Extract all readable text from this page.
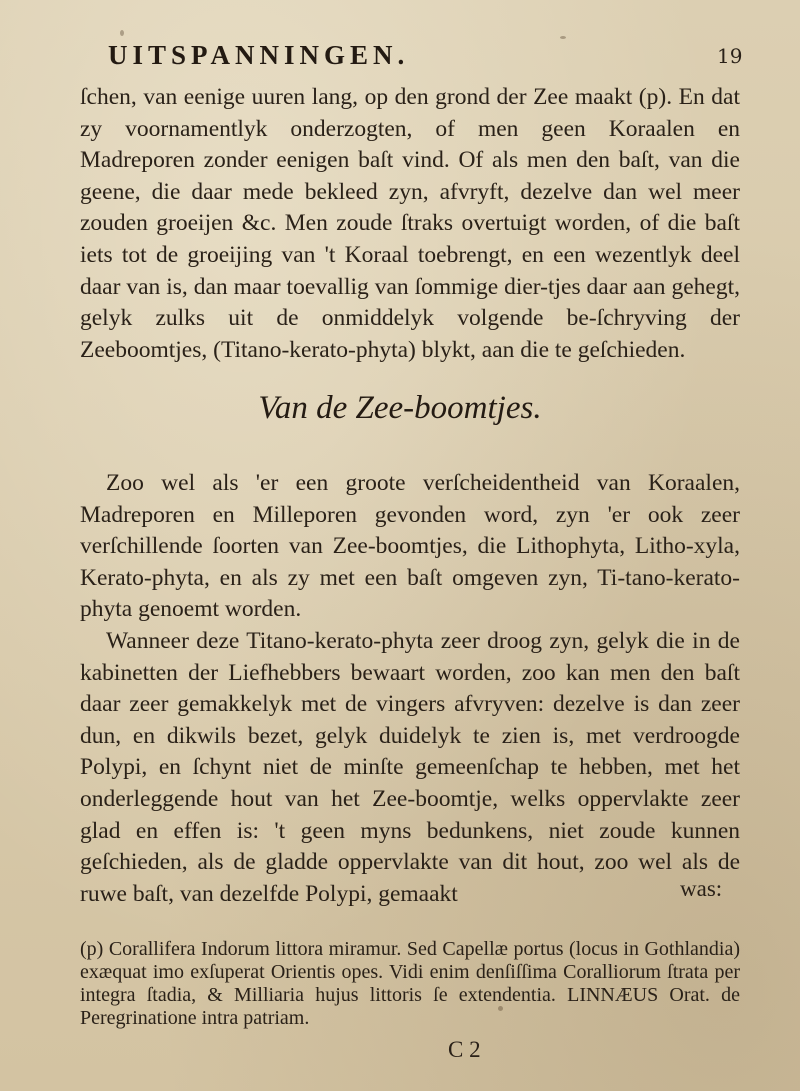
UITSPANNINGEN.	19

ſchen, van eenige uuren lang, op den grond der Zee maakt (p). En dat zy voornamentlyk onderzogten, of men geen Koraalen en Madreporen zonder eenigen baſt vind. Of als men den baſt, van die geene, die daar mede bekleed zyn, afvryft, dezelve dan wel meer zouden groeijen &c. Men zoude ſtraks overtuigt worden, of die baſt iets tot de groeijing van 't Koraal toebrengt, en een wezentlyk deel daar van is, dan maar toevallig van ſommige dier-tjes daar aan gehegt, gelyk zulks uit de onmiddelyk volgende be-ſchryving der Zeeboomtjes, (Titano-kerato-phyta) blykt, aan die te geſchieden.

Van de Zee-boomtjes.

Zoo wel als 'er een groote verſcheidentheid van Koraalen, Madreporen en Milleporen gevonden word, zyn 'er ook zeer verſchillende ſoorten van Zee-boomtjes, die Lithophyta, Litho-xyla, Kerato-phyta, en als zy met een baſt omgeven zyn, Ti-tano-kerato-phyta genoemt worden.

Wanneer deze Titano-kerato-phyta zeer droog zyn, gelyk die in de kabinetten der Liefhebbers bewaart worden, zoo kan men den baſt daar zeer gemakkelyk met de vingers afvryven: dezelve is dan zeer dun, en dikwils bezet, gelyk duidelyk te zien is, met verdroogde Polypi, en ſchynt niet de minſte gemeenſchap te hebben, met het onderleggende hout van het Zee-boomtje, welks oppervlakte zeer glad en effen is: 't geen myns bedunkens, niet zoude kunnen geſchieden, als de gladde oppervlakte van dit hout, zoo wel als de ruwe baſt, van dezelfde Polypi, gemaakt	was:

(p) Corallifera Indorum littora miramur. Sed Capellæ portus (locus in Gothlandia) exæquat imo exſuperat Orientis opes. Vidi enim denſiſſima Coralliorum ſtrata per integra ſtadia, & Milliaria hujus littoris ſe extendentia. LINNÆUS Orat. de Peregrinatione intra patriam.

C 2
